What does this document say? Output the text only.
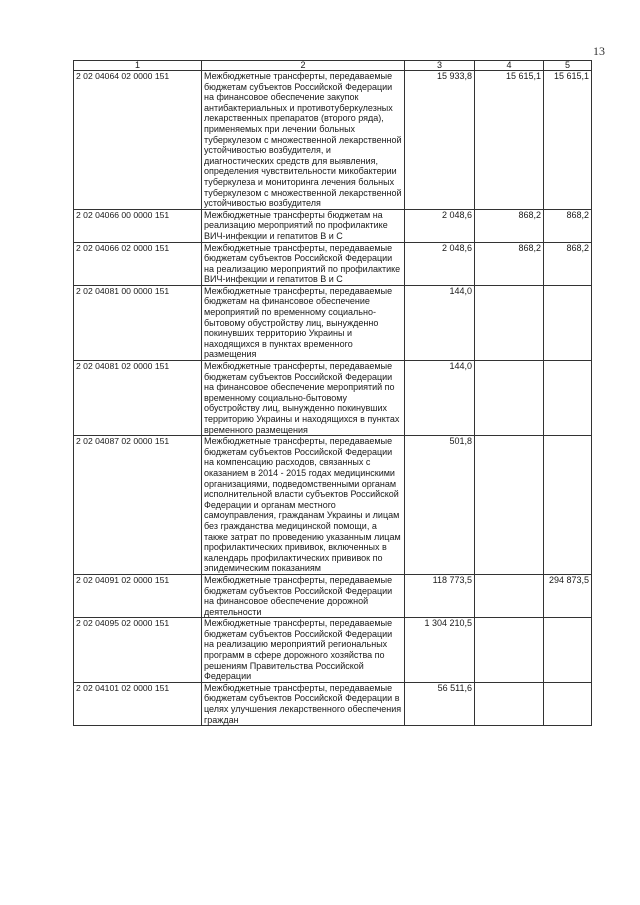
13
1	2	3	4	5
2 02 04064 02 0000 151	Межбюджетные трансферты, передаваемые бюджетам субъектов Российской Федерации на финансовое обеспечение закупок антибактериальных и противотуберкулезных лекарственных препаратов (второго ряда), применяемых при лечении больных туберкулезом с множественной лекарственной устойчивостью возбудителя, и диагностических средств для выявления, определения чувствительности микобактерии туберкулеза и мониторинга лечения больных туберкулезом с множественной лекарственной устойчивостью возбудителя	15 933,8	15 615,1	15 615,1
2 02 04066 00 0000 151	Межбюджетные трансферты бюджетам на реализацию мероприятий по профилактике ВИЧ-инфекции и гепатитов В и С	2 048,6	868,2	868,2
2 02 04066 02 0000 151	Межбюджетные трансферты, передаваемые бюджетам субъектов Российской Федерации на реализацию мероприятий по профилактике ВИЧ-инфекции и гепатитов В и С	2 048,6	868,2	868,2
2 02 04081 00 0000 151	Межбюджетные трансферты, передаваемые бюджетам на финансовое обеспечение мероприятий по временному социально-бытовому обустройству лиц, вынужденно покинувших территорию Украины и находящихся в пунктах временного размещения	144,0		
2 02 04081 02 0000 151	Межбюджетные трансферты, передаваемые бюджетам субъектов Российской Федерации на финансовое обеспечение мероприятий по временному социально-бытовому обустройству лиц, вынужденно покинувших территорию Украины и находящихся в пунктах временного размещения	144,0		
2 02 04087 02 0000 151	Межбюджетные трансферты, передаваемые бюджетам субъектов Российской Федерации на компенсацию расходов, связанных с оказанием в 2014 - 2015 годах медицинскими организациями, подведомственными органам исполнительной власти субъектов Российской Федерации и органам местного самоуправления, гражданам Украины и лицам без гражданства медицинской помощи, а также затрат по проведению указанным лицам профилактических прививок, включенных в календарь профилактических прививок по эпидемическим показаниям	501,8		
2 02 04091 02 0000 151	Межбюджетные трансферты, передаваемые бюджетам субъектов Российской Федерации на финансовое обеспечение дорожной деятельности	118 773,5		294 873,5
2 02 04095 02 0000 151	Межбюджетные трансферты, передаваемые бюджетам субъектов Российской Федерации на реализацию мероприятий региональных программ в сфере дорожного хозяйства по решениям Правительства Российской Федерации	1 304 210,5		
2 02 04101 02 0000 151	Межбюджетные трансферты, передаваемые бюджетам субъектов Российской Федерации в целях улучшения лекарственного обеспечения граждан	56 511,6		
